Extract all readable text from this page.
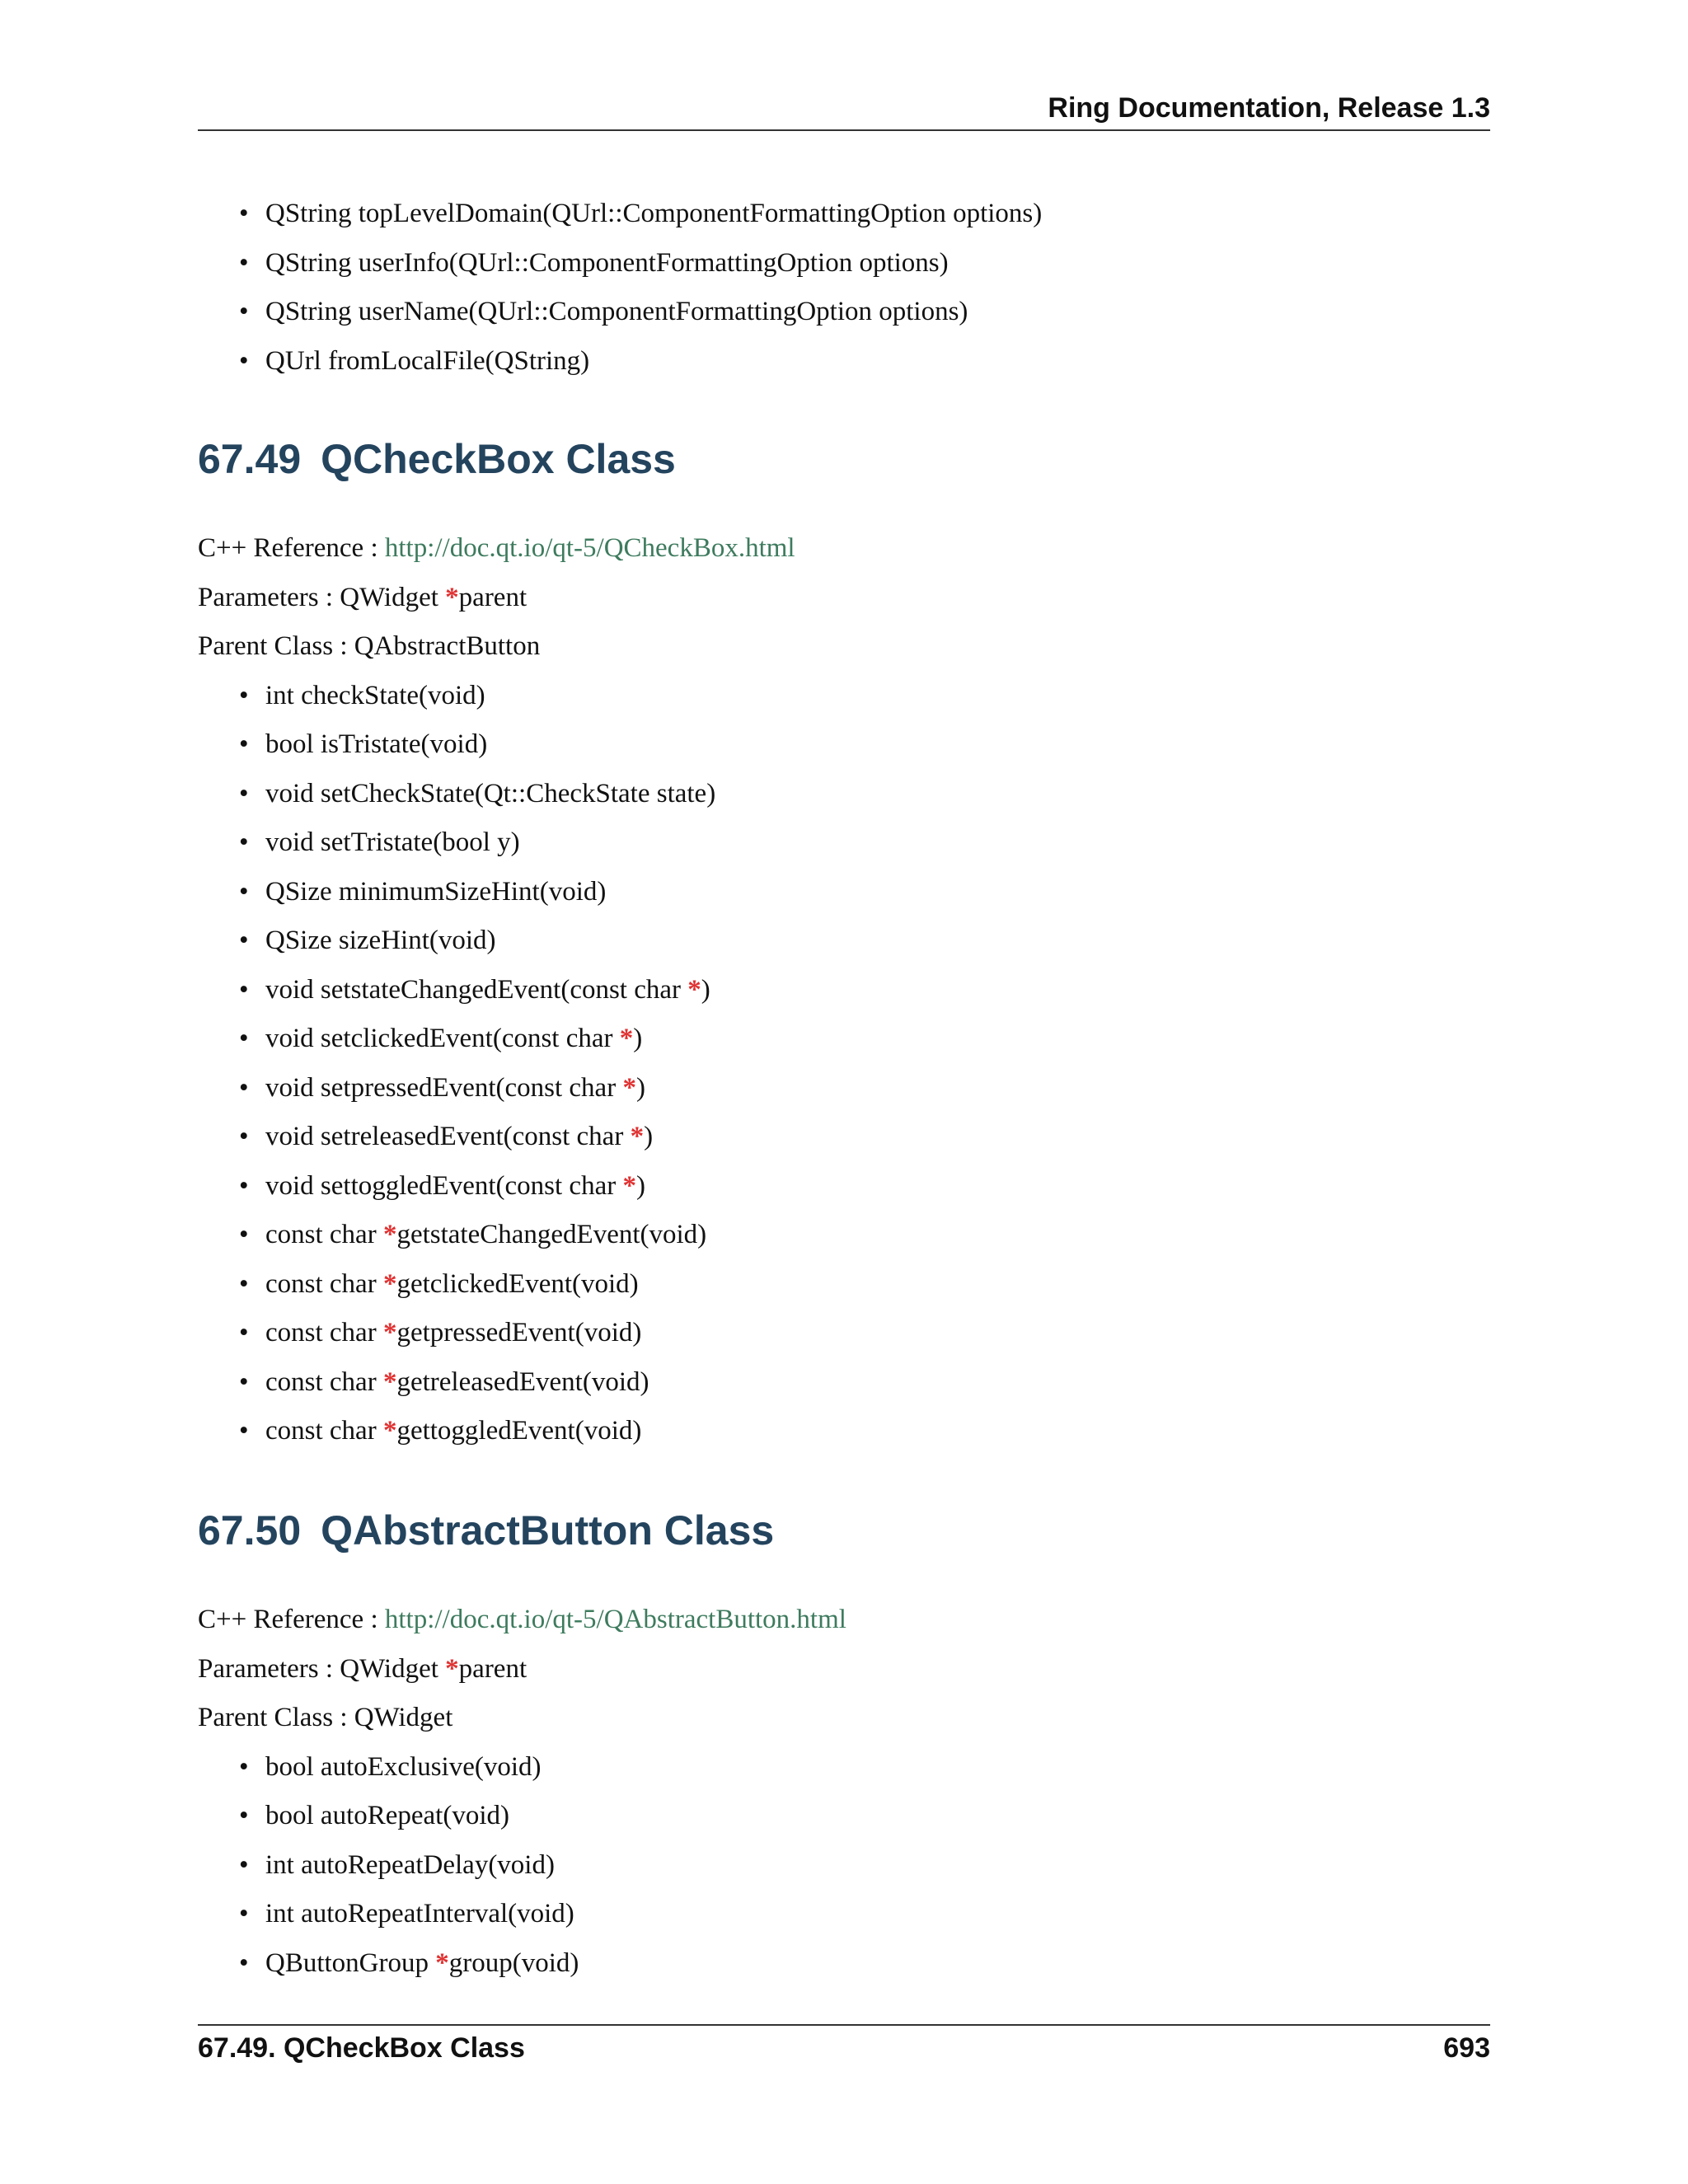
Ring Documentation, Release 1.3
• QString topLevelDomain(QUrl::ComponentFormattingOption options)
• QString userInfo(QUrl::ComponentFormattingOption options)
• QString userName(QUrl::ComponentFormattingOption options)
• QUrl fromLocalFile(QString)
67.49 QCheckBox Class
C++ Reference : http://doc.qt.io/qt-5/QCheckBox.html
Parameters : QWidget *parent
Parent Class : QAbstractButton
• int checkState(void)
• bool isTristate(void)
• void setCheckState(Qt::CheckState state)
• void setTristate(bool y)
• QSize minimumSizeHint(void)
• QSize sizeHint(void)
• void setstateChangedEvent(const char *)
• void setclickedEvent(const char *)
• void setpressedEvent(const char *)
• void setreleasedEvent(const char *)
• void settoggledEvent(const char *)
• const char *getstateChangedEvent(void)
• const char *getclickedEvent(void)
• const char *getpressedEvent(void)
• const char *getreleasedEvent(void)
• const char *gettoggledEvent(void)
67.50 QAbstractButton Class
C++ Reference : http://doc.qt.io/qt-5/QAbstractButton.html
Parameters : QWidget *parent
Parent Class : QWidget
• bool autoExclusive(void)
• bool autoRepeat(void)
• int autoRepeatDelay(void)
• int autoRepeatInterval(void)
• QButtonGroup *group(void)
67.49. QCheckBox Class	693
